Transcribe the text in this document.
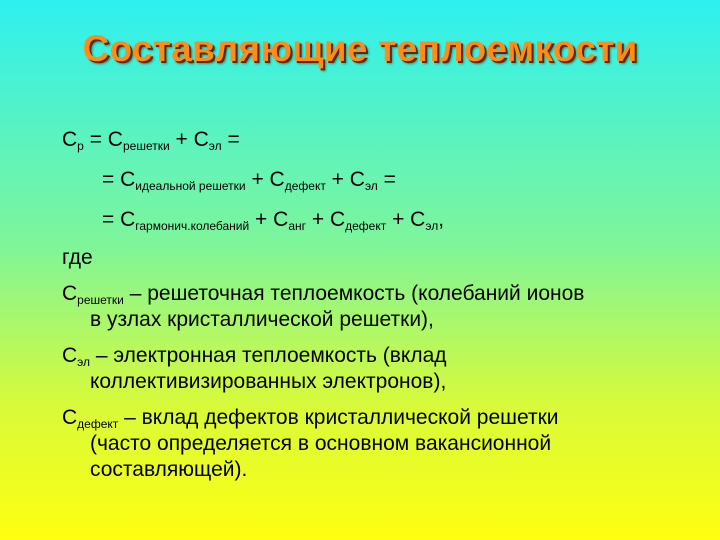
Составляющие теплоемкости
$C_р = C_{решетки} + C_{эл}$ =
= $C_{идеальной решетки} + C_{дефект} + C_{эл}$ =
= $C_{гармонич.колебаний} + C_{анг} + C_{дефект} + C_{эл}$,
где
$C_{решетки}$ – решеточная теплоемкость (колебаний ионов
в узлах кристаллической решетки),
$C_{эл}$ – электронная теплоемкость (вклад
коллективизированных электронов),
$C_{дефект}$ – вклад дефектов кристаллической решетки
(часто определяется в основном вакансионной
составляющей).
